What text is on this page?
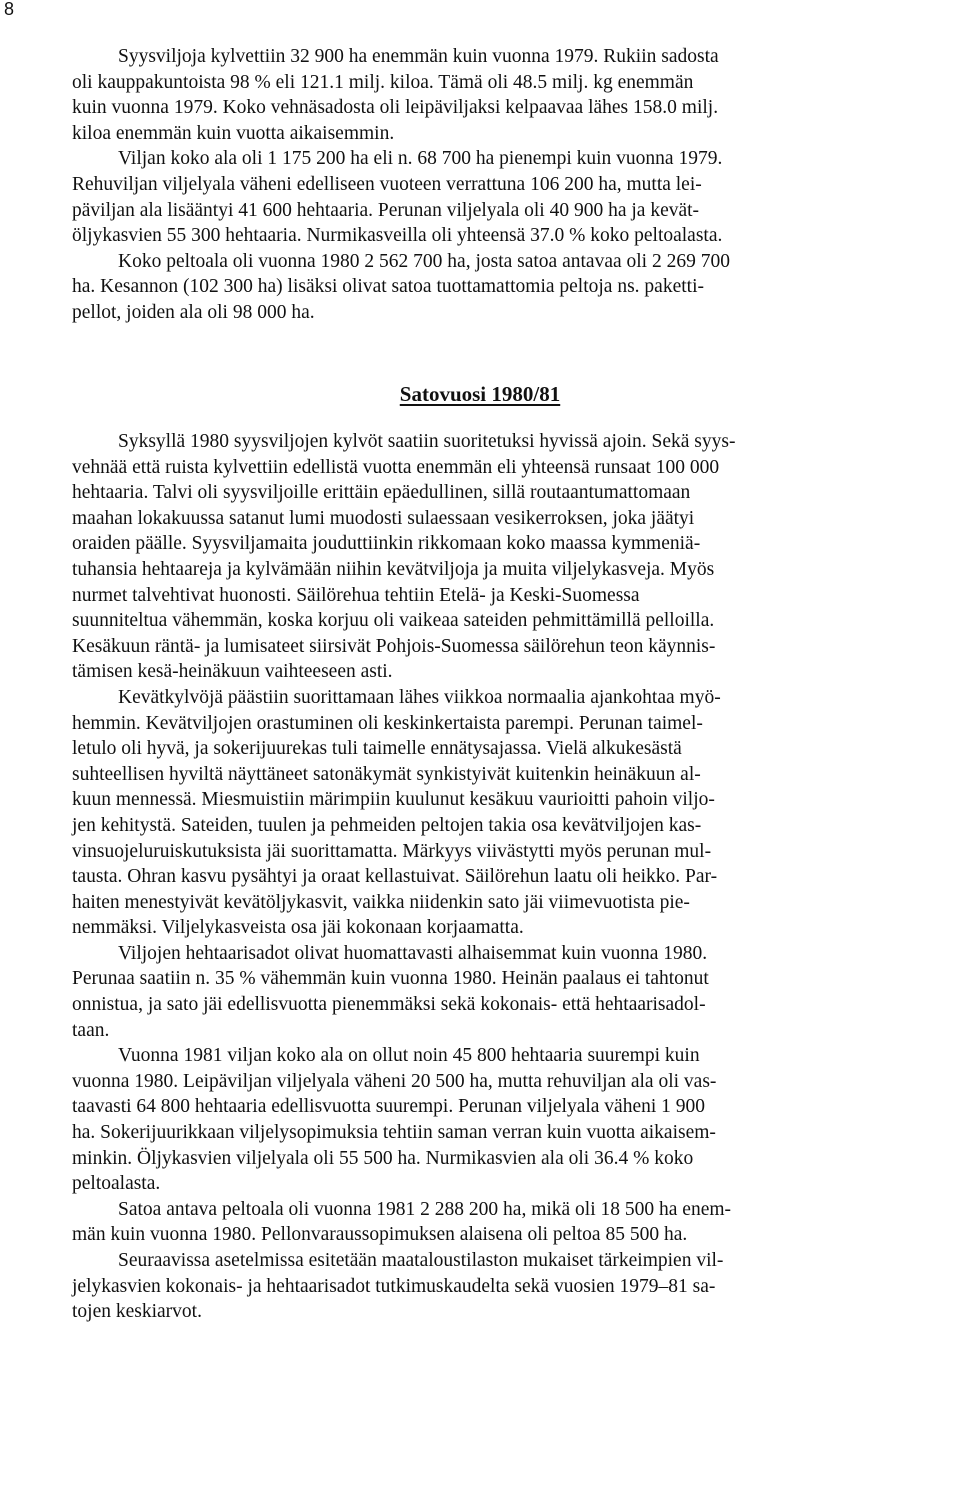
8
Syysviljoja kylvettiin 32 900 ha enemmän kuin vuonna 1979. Rukiin sadosta
oli kauppakuntoista 98 % eli 121.1 milj. kiloa. Tämä oli 48.5 milj. kg enemmän
kuin vuonna 1979. Koko vehnäsadosta oli leipäviljaksi kelpaavaa lähes 158.0 milj.
kiloa enemmän kuin vuotta aikaisemmin.
Viljan koko ala oli 1 175 200 ha eli n. 68 700 ha pienempi kuin vuonna 1979.
Rehuviljan viljelyala väheni edelliseen vuoteen verrattuna 106 200 ha, mutta lei-
päviljan ala lisääntyi 41 600 hehtaaria. Perunan viljelyala oli 40 900 ha ja kevät-
öljykasvien 55 300 hehtaaria. Nurmikasveilla oli yhteensä 37.0 % koko peltoalasta.
Koko peltoala oli vuonna 1980 2 562 700 ha, josta satoa antavaa oli 2 269 700
ha. Kesannon (102 300 ha) lisäksi olivat satoa tuottamattomia peltoja ns. paketti-
pellot, joiden ala oli 98 000 ha.
Satovuosi 1980/81
Syksyllä 1980 syysviljojen kylvöt saatiin suoritetuksi hyvissä ajoin. Sekä syys-
vehnää että ruista kylvettiin edellistä vuotta enemmän eli yhteensä runsaat 100 000
hehtaaria. Talvi oli syysviljoille erittäin epäedullinen, sillä routaantumattomaan
maahan lokakuussa satanut lumi muodosti sulaessaan vesikerroksen, joka jäätyi
oraiden päälle. Syysviljamaita jouduttiinkin rikkomaan koko maassa kymmeniä-
tuhansia hehtaareja ja kylvämään niihin kevätviljoja ja muita viljelykasveja. Myös
nurmet talvehtivat huonosti. Säilörehua tehtiin Etelä- ja Keski-Suomessa
suunniteltua vähemmän, koska korjuu oli vaikeaa sateiden pehmittämillä pelloilla.
Kesäkuun räntä- ja lumisateet siirsivät Pohjois-Suomessa säilörehun teon käynnis-
tämisen kesä-heinäkuun vaihteeseen asti.
Kevätkylvöjä päästiin suorittamaan lähes viikkoa normaalia ajankohtaa myö-
hemmin. Kevätviljojen orastuminen oli keskinkertaista parempi. Perunan taimel-
letulo oli hyvä, ja sokerijuurekas tuli taimelle ennätysajassa. Vielä alkukesästä
suhteellisen hyviltä näyttäneet satonäkymät synkistyivät kuitenkin heinäkuun al-
kuun mennessä. Miesmuistiin märimpiin kuulunut kesäkuu vaurioitti pahoin viljo-
jen kehitystä. Sateiden, tuulen ja pehmeiden peltojen takia osa kevätviljojen kas-
vinsuojeluruiskutuksista jäi suorittamatta. Märkyys viivästytti myös perunan mul-
tausta. Ohran kasvu pysähtyi ja oraat kellastuivat. Säilörehun laatu oli heikko. Par-
haiten menestyivät kevätöljykasvit, vaikka niidenkin sato jäi viimevuotista pie-
nemmäksi. Viljelykasveista osa jäi kokonaan korjaamatta.
Viljojen hehtaarisadot olivat huomattavasti alhaisemmat kuin vuonna 1980.
Perunaa saatiin n. 35 % vähemmän kuin vuonna 1980. Heinän paalaus ei tahtonut
onnistua, ja sato jäi edellisvuotta pienemmäksi sekä kokonais- että hehtaarisadol-
taan.
Vuonna 1981 viljan koko ala on ollut noin 45 800 hehtaaria suurempi kuin
vuonna 1980. Leipäviljan viljelyala väheni 20 500 ha, mutta rehuviljan ala oli vas-
taavasti 64 800 hehtaaria edellisvuotta suurempi. Perunan viljelyala väheni 1 900
ha. Sokerijuurikkaan viljelysopimuksia tehtiin saman verran kuin vuotta aikaisem-
minkin. Öljykasvien viljelyala oli 55 500 ha. Nurmikasvien ala oli 36.4 % koko
peltoalasta.
Satoa antava peltoala oli vuonna 1981 2 288 200 ha, mikä oli 18 500 ha enem-
män kuin vuonna 1980. Pellonvaraussopimuksen alaisena oli peltoa 85 500 ha.
Seuraavissa asetelmissa esitetään maataloustilaston mukaiset tärkeimpien vil-
jelykasvien kokonais- ja hehtaarisadot tutkimuskaudelta sekä vuosien 1979–81 sa-
tojen keskiarvot.
